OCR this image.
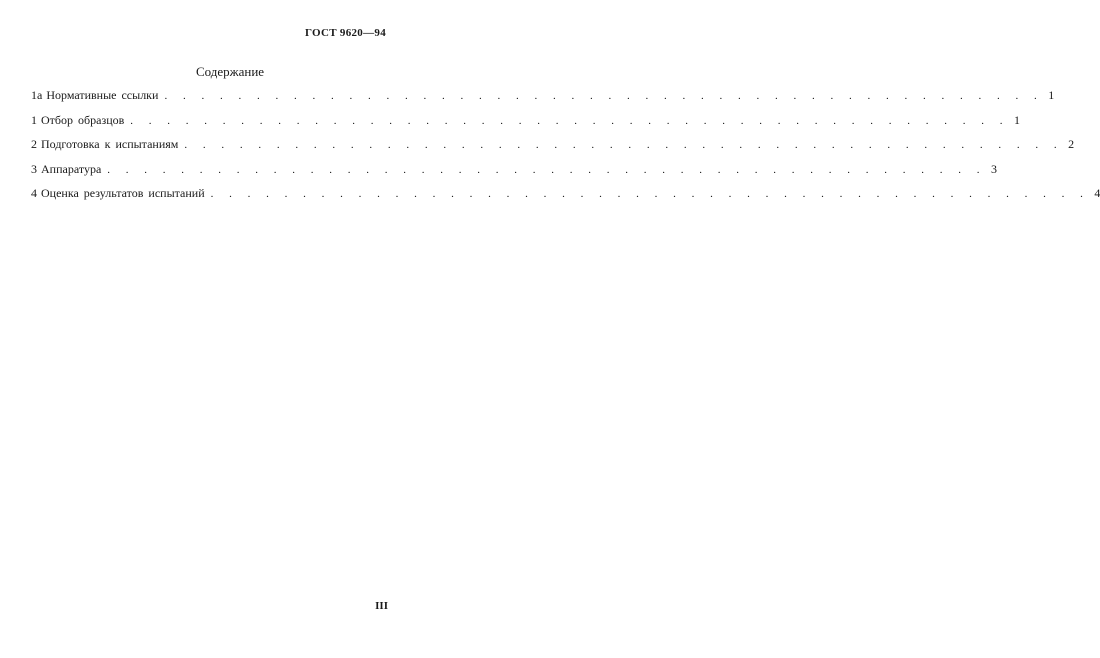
ГОСТ 9620—94
Содержание
1a Нормативные ссылки . . . . . . . . . . . . . . . . . . . . . . . . . . . . . . . . . . . . . . . . . . . . . . . . 1
1 Отбор образцов . . . . . . . . . . . . . . . . . . . . . . . . . . . . . . . . . . . . . . . . . . . . . . . . 1
2 Подготовка к испытаниям . . . . . . . . . . . . . . . . . . . . . . . . . . . . . . . . . . . . . . . . . . . . . . . . 2
3 Аппаратура . . . . . . . . . . . . . . . . . . . . . . . . . . . . . . . . . . . . . . . . . . . . . . . . 3
4 Оценка результатов испытаний . . . . . . . . . . . . . . . . . . . . . . . . . . . . . . . . . . . . . . . . . . . . . . . . 4
III
